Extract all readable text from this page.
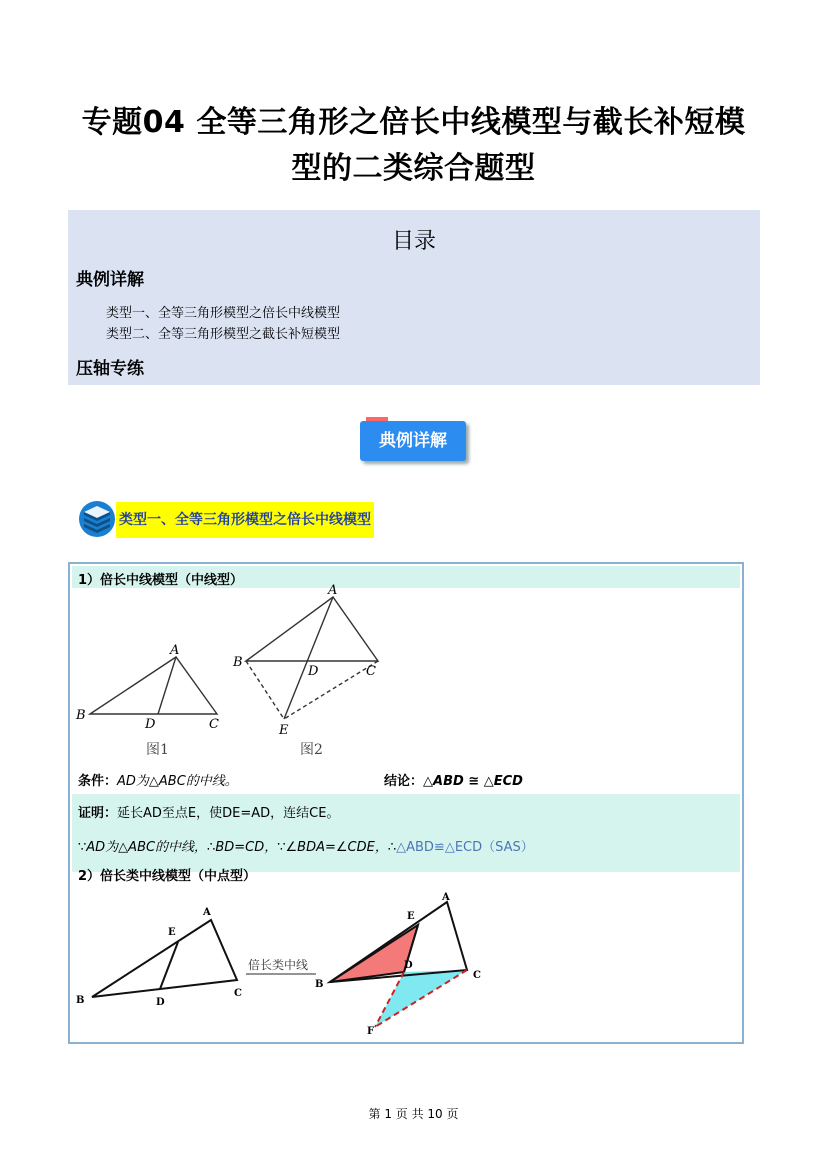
专题04 全等三角形之倍长中线模型与截长补短模
型的二类综合题型
目录
典例详解
类型一、全等三角形模型之倍长中线模型
类型二、全等三角形模型之截长补短模型
压轴专练
典例详解
类型一、全等三角形模型之倍长中线模型
1）倍长中线模型（中线型）
A
B
D	C
图1
A
B
D	C
E
图2
条件：AD为△ABC的中线。	结论：△ABD ≅ △ECD
证明：延长AD至点E，使DE=AD，连结CE。
∵AD为△ABC的中线，∴BD=CD，∵∠BDA=∠CDE，∴△ABD≌△ECD（SAS）
2）倍长类中线模型（中点型）
A
E
B	D
C
倍长类中线
A
E
D
B
C
F
第 1 页 共 10 页
